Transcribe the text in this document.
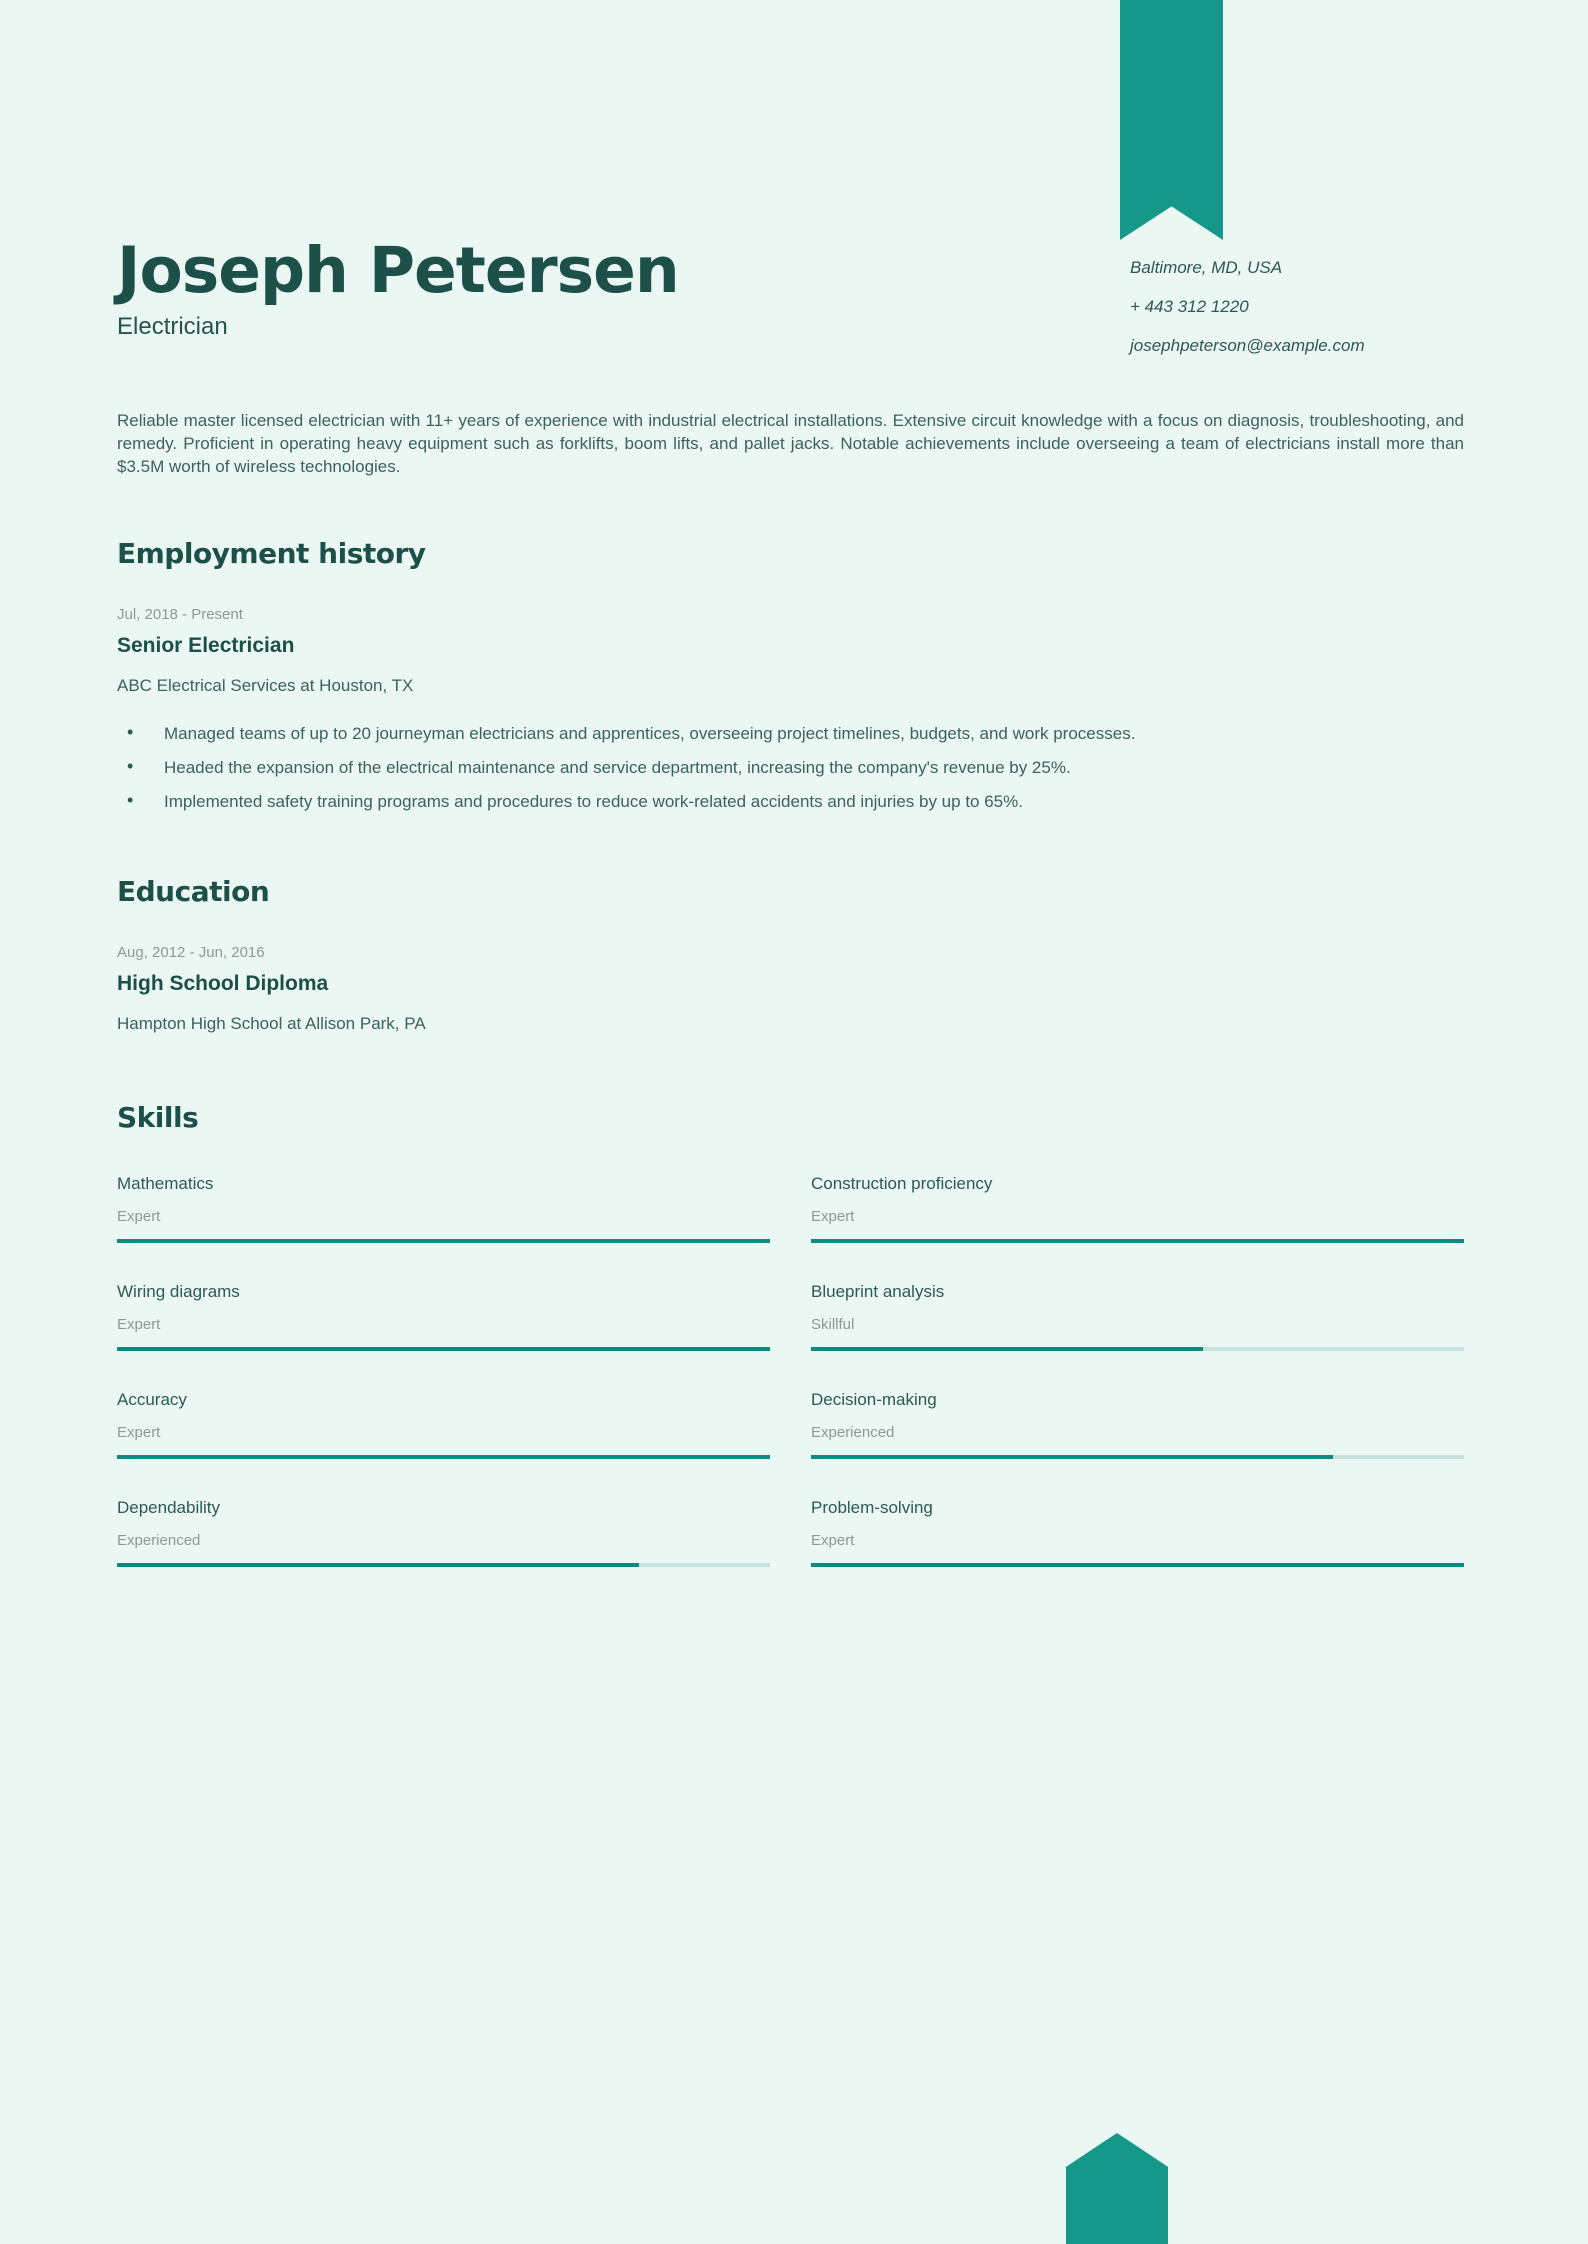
Baltimore, MD, USA

+ 443 312 1220

josephpeterson@example.com

Joseph Petersen
Electrician

Reliable master licensed electrician with 11+ years of experience with industrial electrical installations. Extensive circuit knowledge with a focus on diagnosis, troubleshooting, and remedy. Proficient in operating heavy equipment such as forklifts, boom lifts, and pallet jacks. Notable achievements include overseeing a team of electricians install more than $3.5M worth of wireless technologies.

Employment history
Jul, 2018 - Present
Senior Electrician
ABC Electrical Services at Houston, TX
• Managed teams of up to 20 journeyman electricians and apprentices, overseeing project timelines, budgets, and work processes.
• Headed the expansion of the electrical maintenance and service department, increasing the company's revenue by 25%.
• Implemented safety training programs and procedures to reduce work-related accidents and injuries by up to 65%.
Education
Aug, 2012 - Jun, 2016
High School Diploma
Hampton High School at Allison Park, PA
Skills
Mathematics
Expert
Construction proficiency
Expert
Wiring diagrams
Expert
Blueprint analysis
Skillful
Accuracy
Expert
Decision-making
Experienced
Dependability
Experienced
Problem-solving
Expert
